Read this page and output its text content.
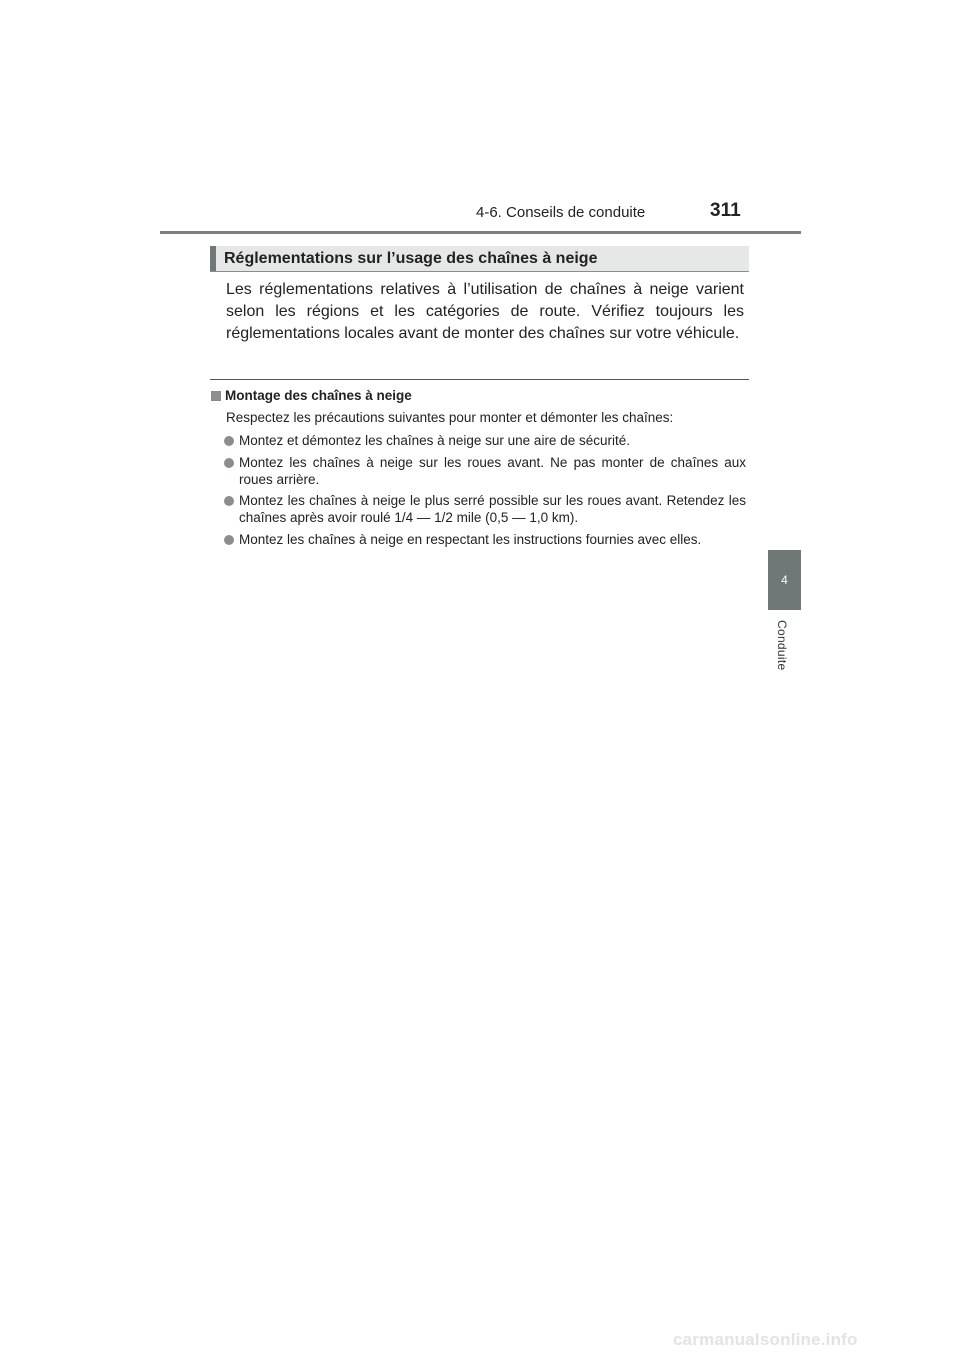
4-6. Conseils de conduite	311
4
Conduite
Réglementations sur l’usage des chaînes à neige

Les réglementations relatives à l’utilisation de chaînes à neige varient selon les régions et les catégories de route. Vérifiez toujours les réglementations locales avant de monter des chaînes sur votre véhicule.

Montage des chaînes à neige

Respectez les précautions suivantes pour monter et démonter les chaînes:

Montez et démontez les chaînes à neige sur une aire de sécurité.
Montez les chaînes à neige sur les roues avant. Ne pas monter de chaînes aux roues arrière.
Montez les chaînes à neige le plus serré possible sur les roues avant. Retendez les chaînes après avoir roulé 1/4 — 1/2 mile (0,5 — 1,0 km).
Montez les chaînes à neige en respectant les instructions fournies avec elles.
carmanualsonline.info
